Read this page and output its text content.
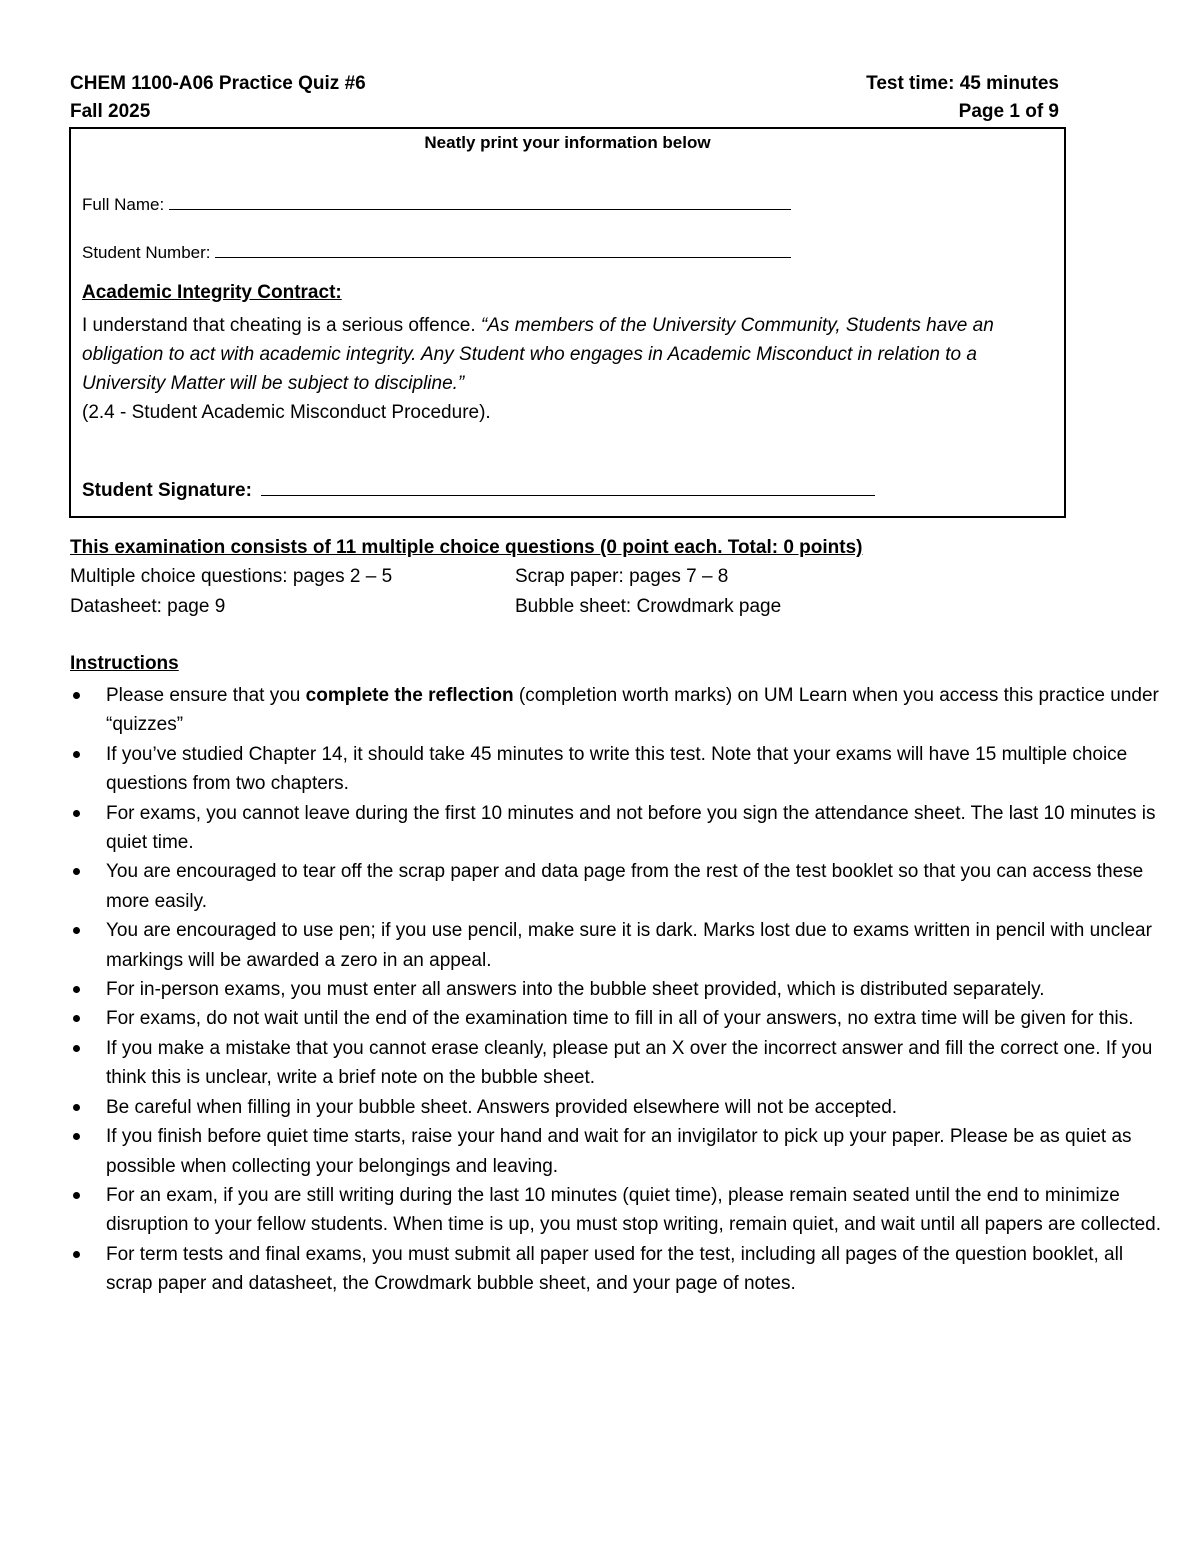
CHEM 1100-A06 Practice Quiz #6
Fall 2025
Test time: 45 minutes
Page 1 of 9
Neatly print your information below
Full Name:
Student Number:
Academic Integrity Contract:
I understand that cheating is a serious offence. “As members of the University Community, Students have an obligation to act with academic integrity. Any Student who engages in Academic Misconduct in relation to a University Matter will be subject to discipline.”
(2.4 - Student Academic Misconduct Procedure).
Student Signature:
This examination consists of 11 multiple choice questions (0 point each. Total: 0 points)
Multiple choice questions: pages 2 – 5	Scrap paper: pages 7 – 8
Datasheet: page 9	Bubble sheet: Crowdmark page
Instructions
Please ensure that you complete the reflection (completion worth marks) on UM Learn when you access this practice under “quizzes”
If you’ve studied Chapter 14, it should take 45 minutes to write this test. Note that your exams will have 15 multiple choice questions from two chapters.
For exams, you cannot leave during the first 10 minutes and not before you sign the attendance sheet. The last 10 minutes is quiet time.
You are encouraged to tear off the scrap paper and data page from the rest of the test booklet so that you can access these more easily.
You are encouraged to use pen; if you use pencil, make sure it is dark. Marks lost due to exams written in pencil with unclear markings will be awarded a zero in an appeal.
For in-person exams, you must enter all answers into the bubble sheet provided, which is distributed separately.
For exams, do not wait until the end of the examination time to fill in all of your answers, no extra time will be given for this.
If you make a mistake that you cannot erase cleanly, please put an X over the incorrect answer and fill the correct one. If you think this is unclear, write a brief note on the bubble sheet.
Be careful when filling in your bubble sheet. Answers provided elsewhere will not be accepted.
If you finish before quiet time starts, raise your hand and wait for an invigilator to pick up your paper. Please be as quiet as possible when collecting your belongings and leaving.
For an exam, if you are still writing during the last 10 minutes (quiet time), please remain seated until the end to minimize disruption to your fellow students. When time is up, you must stop writing, remain quiet, and wait until all papers are collected.
For term tests and final exams, you must submit all paper used for the test, including all pages of the question booklet, all scrap paper and datasheet, the Crowdmark bubble sheet, and your page of notes.
